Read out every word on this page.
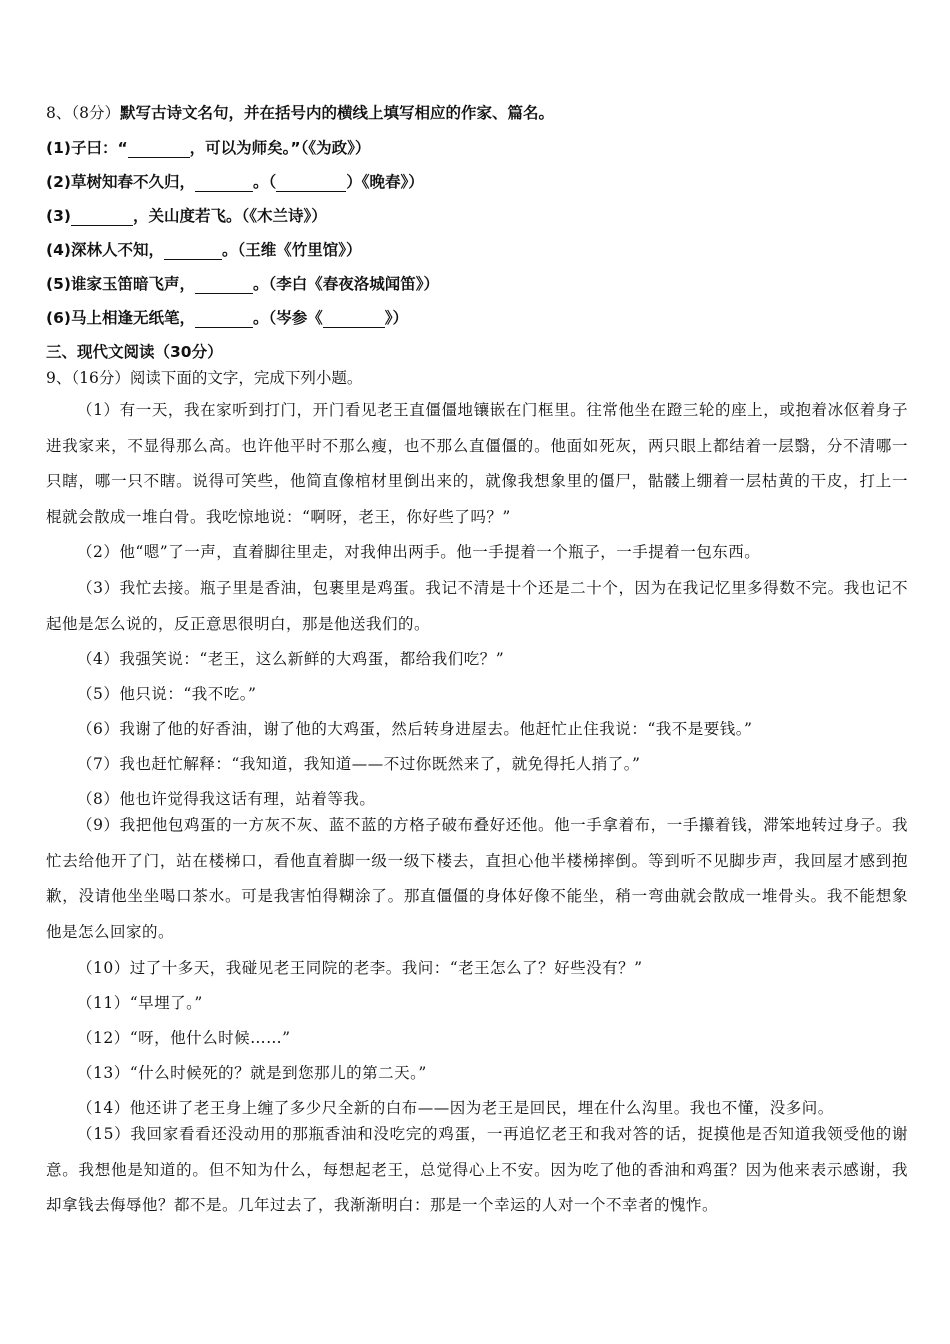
8、（8分）默写古诗文名句，并在括号内的横线上填写相应的作家、篇名。
(1)子曰：“	，可以为师矣。”（《为政》）
(2)草树知春不久归，	。（	）《晚春》）
(3)	，关山度若飞。（《木兰诗》）
(4)深林人不知，	。（王维《竹里馆》）
(5)谁家玉笛暗飞声，	。（李白《春夜洛城闻笛》）
(6)马上相逢无纸笔，	。（岑参《	》）
三、现代文阅读（30分）
9、（16分）阅读下面的文字，完成下列小题。
（1）有一天，我在家听到打门，开门看见老王直僵僵地镶嵌在门框里。往常他坐在蹬三轮的座上，或抱着冰伛着身子进我家来，不显得那么高。也许他平时不那么瘦，也不那么直僵僵的。他面如死灰，两只眼上都结着一层翳，分不清哪一只瞎，哪一只不瞎。说得可笑些，他简直像棺材里倒出来的，就像我想象里的僵尸，骷髅上绷着一层枯黄的干皮，打上一棍就会散成一堆白骨。我吃惊地说：“啊呀，老王，你好些了吗？”
（2）他“嗯”了一声，直着脚往里走，对我伸出两手。他一手提着一个瓶子，一手提着一包东西。
（3）我忙去接。瓶子里是香油，包裹里是鸡蛋。我记不清是十个还是二十个，因为在我记忆里多得数不完。我也记不起他是怎么说的，反正意思很明白，那是他送我们的。
（4）我强笑说：“老王，这么新鲜的大鸡蛋，都给我们吃？”
（5）他只说：“我不吃。”
（6）我谢了他的好香油，谢了他的大鸡蛋，然后转身进屋去。他赶忙止住我说：“我不是要钱。”
（7）我也赶忙解释：“我知道，我知道——不过你既然来了，就免得托人捎了。”
（8）他也许觉得我这话有理，站着等我。
（9）我把他包鸡蛋的一方灰不灰、蓝不蓝的方格子破布叠好还他。他一手拿着布，一手攥着钱，滞笨地转过身子。我忙去给他开了门，站在楼梯口，看他直着脚一级一级下楼去，直担心他半楼梯摔倒。等到听不见脚步声，我回屋才感到抱歉，没请他坐坐喝口茶水。可是我害怕得糊涂了。那直僵僵的身体好像不能坐，稍一弯曲就会散成一堆骨头。我不能想象他是怎么回家的。
（10）过了十多天，我碰见老王同院的老李。我问：“老王怎么了？好些没有？”
（11）“早埋了。”
（12）“呀，他什么时候……”
（13）“什么时候死的？就是到您那儿的第二天。”
（14）他还讲了老王身上缠了多少尺全新的白布——因为老王是回民，埋在什么沟里。我也不懂，没多问。
（15）我回家看看还没动用的那瓶香油和没吃完的鸡蛋，一再追忆老王和我对答的话，捉摸他是否知道我领受他的谢意。我想他是知道的。但不知为什么，每想起老王，总觉得心上不安。因为吃了他的香油和鸡蛋？因为他来表示感谢，我却拿钱去侮辱他？都不是。几年过去了，我渐渐明白：那是一个幸运的人对一个不幸者的愧怍。
